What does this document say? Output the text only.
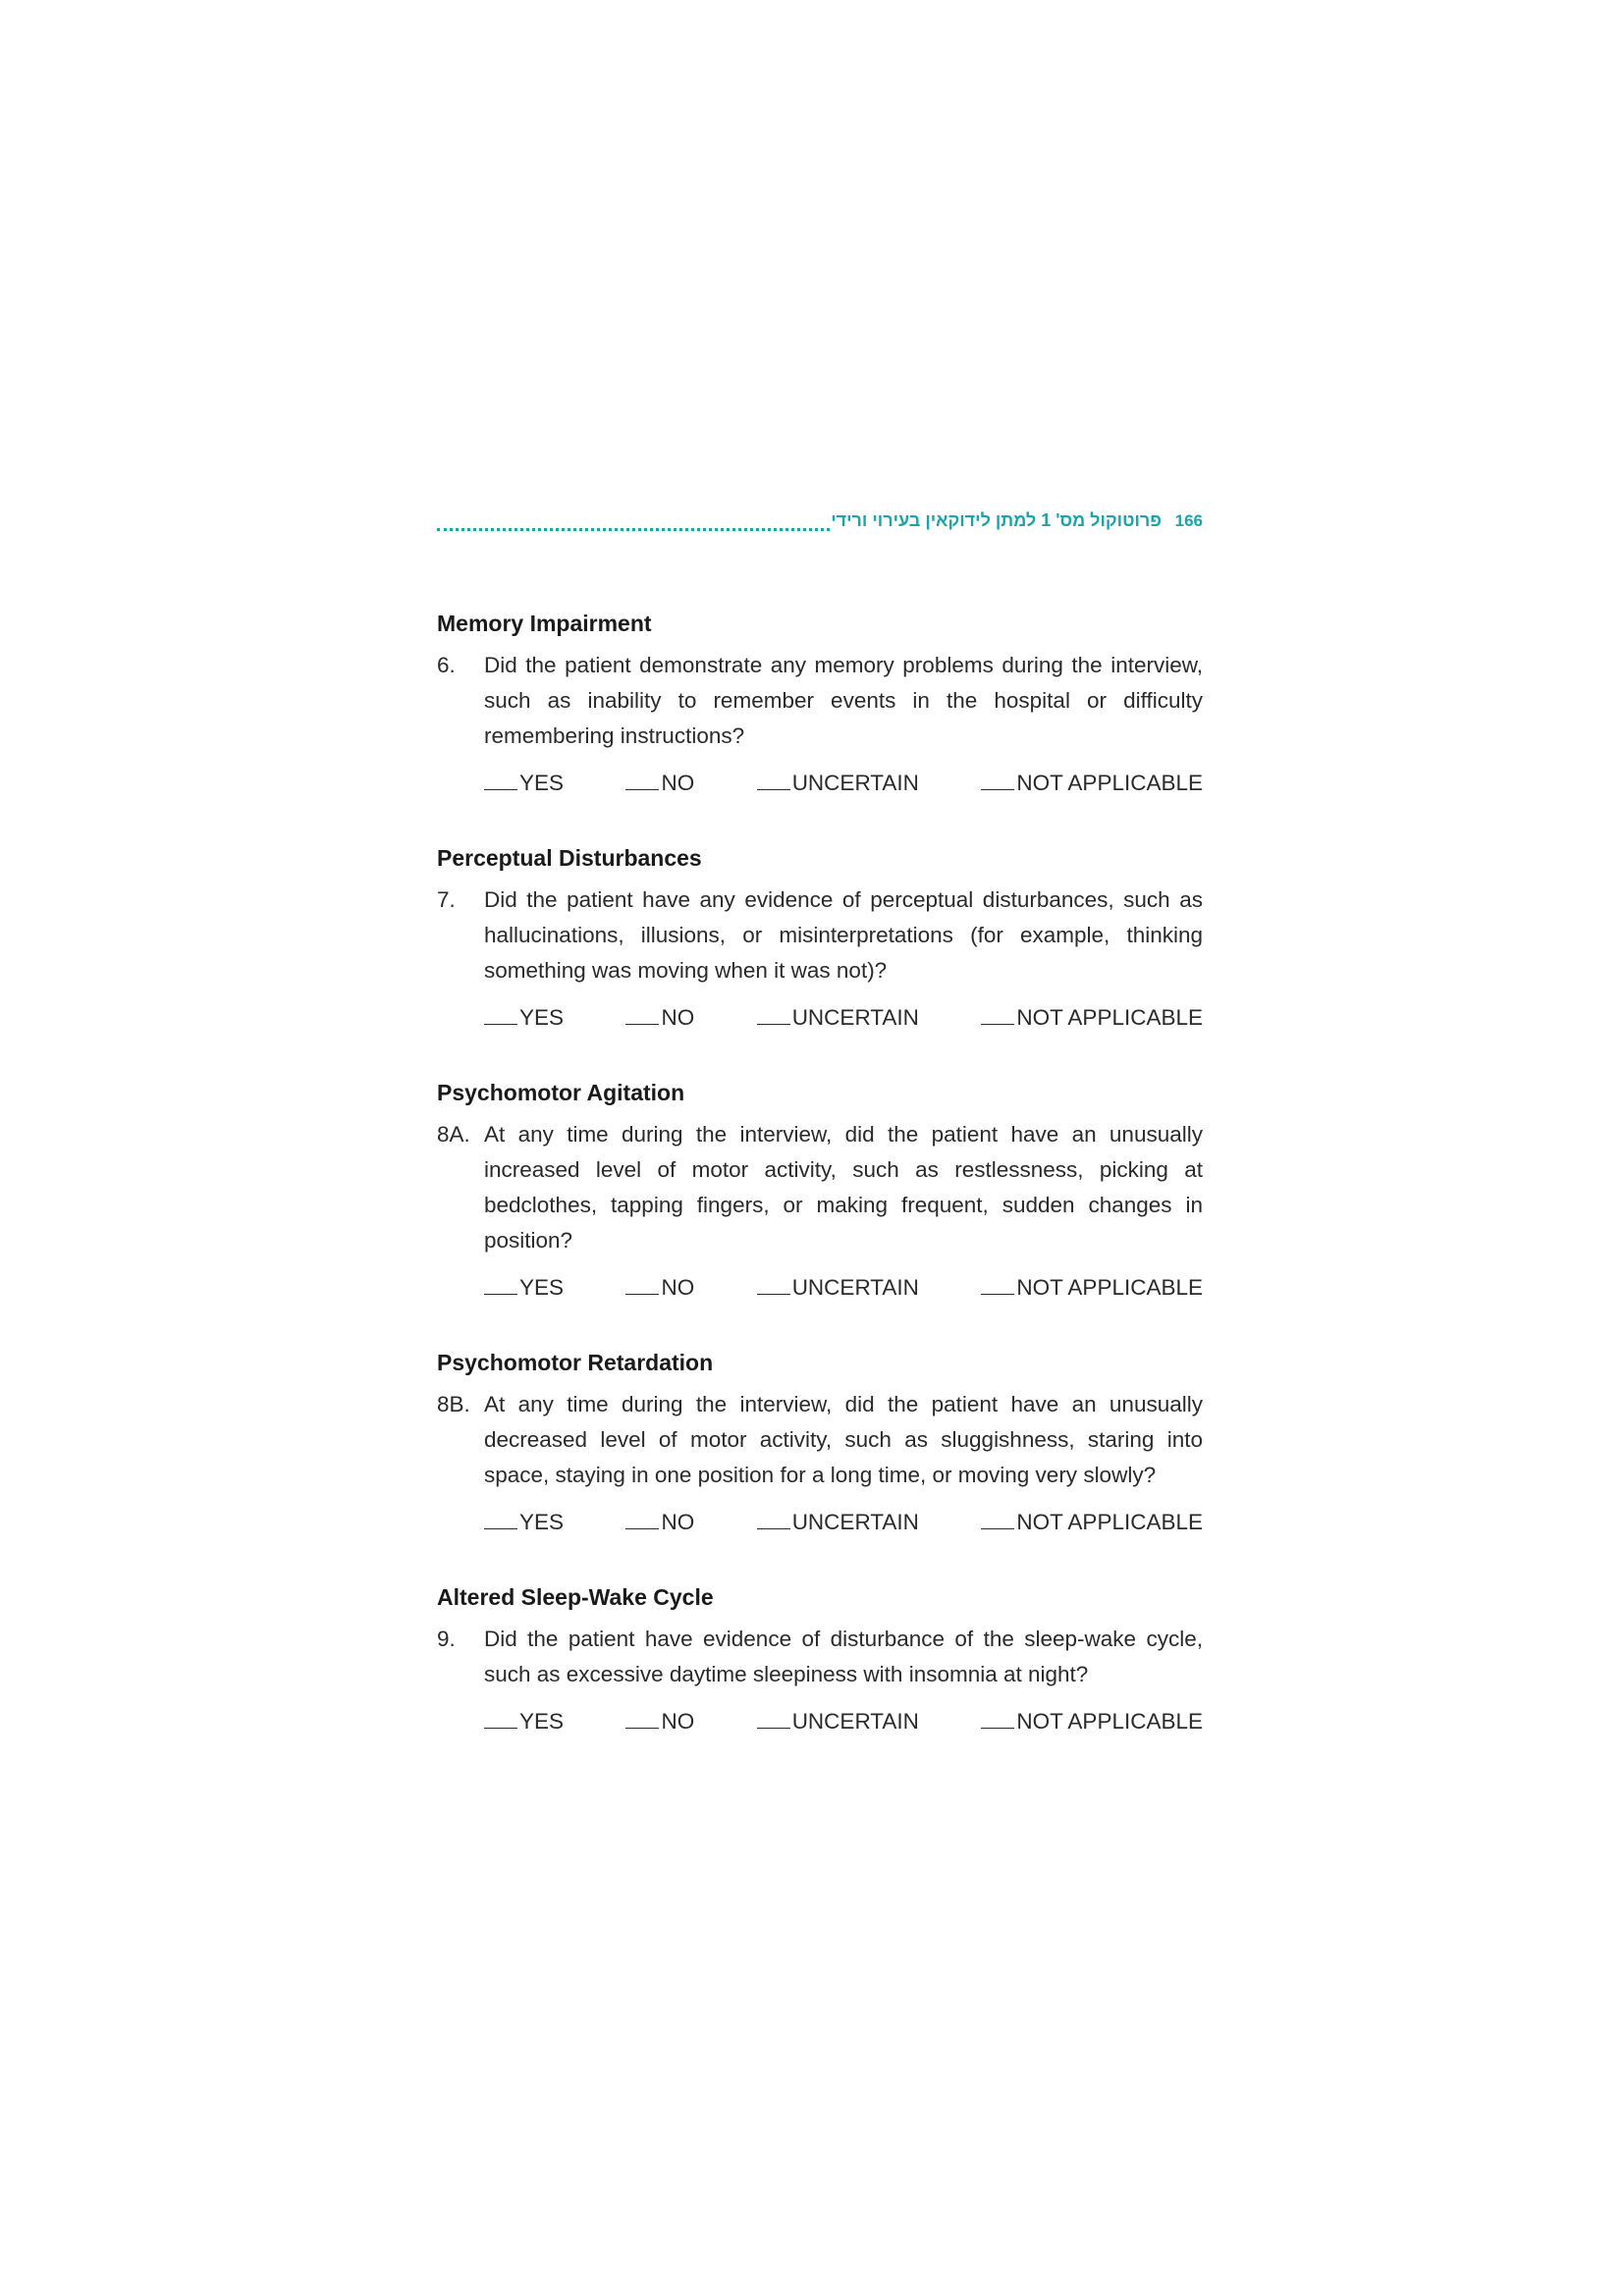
פרוטוקול מס' 1 למתן לידוקאין בעירוי ורידי 166
Memory Impairment
6.	Did the patient demonstrate any memory problems during the interview, such as inability to remember events in the hospital or difficulty remembering instructions?
YES	NO	UNCERTAIN	NOT APPLICABLE
Perceptual Disturbances
7.	Did the patient have any evidence of perceptual disturbances, such as hallucinations, illusions, or misinterpretations (for example, thinking something was moving when it was not)?
YES	NO	UNCERTAIN	NOT APPLICABLE
Psychomotor Agitation
8A. At any time during the interview, did the patient have an unusually increased level of motor activity, such as restlessness, picking at bedclothes, tapping fingers, or making frequent, sudden changes in position?
YES	NO	UNCERTAIN	NOT APPLICABLE
Psychomotor Retardation
8B. At any time during the interview, did the patient have an unusually decreased level of motor activity, such as sluggishness, staring into space, staying in one position for a long time, or moving very slowly?
YES	NO	UNCERTAIN	NOT APPLICABLE
Altered Sleep-Wake Cycle
9.	Did the patient have evidence of disturbance of the sleep-wake cycle, such as excessive daytime sleepiness with insomnia at night?
YES	NO	UNCERTAIN	NOT APPLICABLE
